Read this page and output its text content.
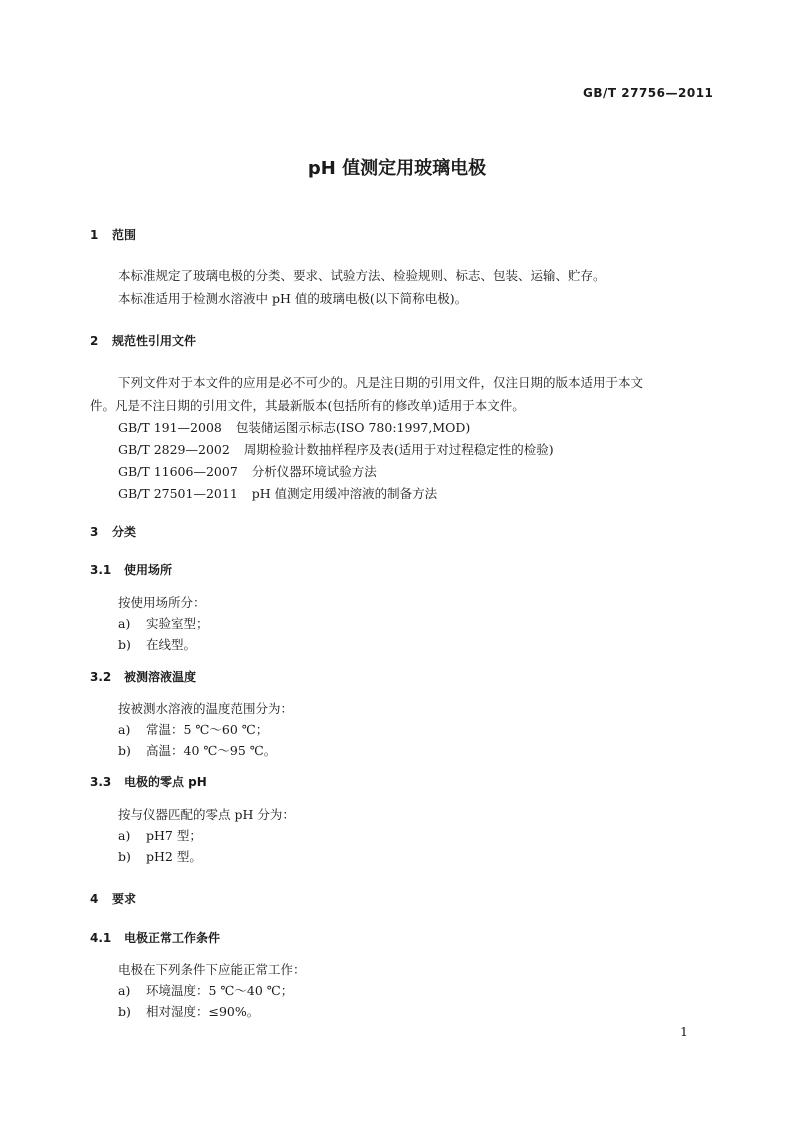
GB/T 27756—2011
pH 值测定用玻璃电极
1 范围
本标准规定了玻璃电极的分类、要求、试验方法、检验规则、标志、包装、运输、贮存。
本标准适用于检测水溶液中 pH 值的玻璃电极(以下简称电极)。
2 规范性引用文件
下列文件对于本文件的应用是必不可少的。凡是注日期的引用文件，仅注日期的版本适用于本文
件。凡是不注日期的引用文件，其最新版本(包括所有的修改单)适用于本文件。
GB/T 191—2008 包装储运图示标志(ISO 780:1997,MOD)
GB/T 2829—2002 周期检验计数抽样程序及表(适用于对过程稳定性的检验)
GB/T 11606—2007 分析仪器环境试验方法
GB/T 27501—2011 pH 值测定用缓冲溶液的制备方法
3 分类
3.1 使用场所
按使用场所分：
a) 实验室型；
b) 在线型。
3.2 被测溶液温度
按被测水溶液的温度范围分为：
a) 常温：5 ℃～60 ℃；
b) 高温：40 ℃～95 ℃。
3.3 电极的零点 pH
按与仪器匹配的零点 pH 分为：
a) pH7 型；
b) pH2 型。
4 要求
4.1 电极正常工作条件
电极在下列条件下应能正常工作：
a) 环境温度：5 ℃～40 ℃；
b) 相对湿度：≤90%。
1
